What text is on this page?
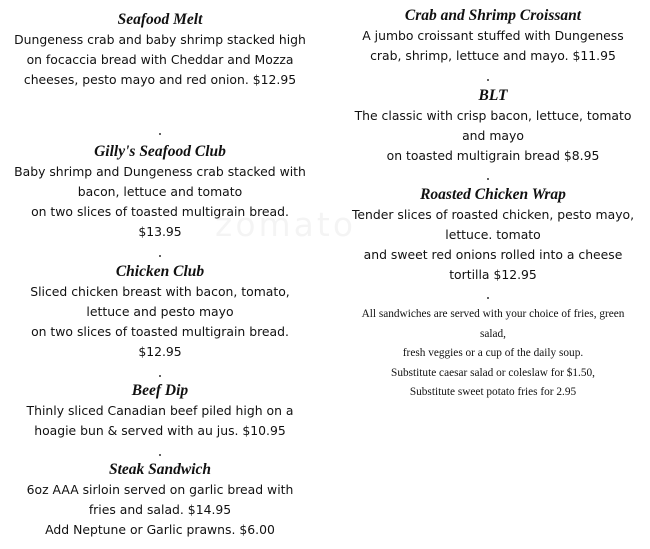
Seafood Melt
Dungeness crab and baby shrimp stacked high
on focaccia bread with Cheddar and Mozza
cheeses, pesto mayo and red onion. $12.95
Gilly's Seafood Club
Baby shrimp and Dungeness crab stacked with
bacon, lettuce and tomato
on two slices of toasted multigrain bread.
$13.95
Chicken Club
Sliced chicken breast with bacon, tomato,
lettuce and pesto mayo
on two slices of toasted multigrain bread.
$12.95
Beef Dip
Thinly sliced Canadian beef piled high on a
hoagie bun & served with au jus. $10.95
Steak Sandwich
6oz AAA sirloin served on garlic bread with
fries and salad. $14.95
Add Neptune or Garlic prawns. $6.00
Crab and Shrimp Croissant
A jumbo croissant stuffed with Dungeness
crab, shrimp, lettuce and mayo. $11.95
BLT
The classic with crisp bacon, lettuce, tomato
and mayo
on toasted multigrain bread $8.95
Roasted Chicken Wrap
Tender slices of roasted chicken, pesto mayo,
lettuce. tomato
and sweet red onions rolled into a cheese
tortilla $12.95
All sandwiches are served with your choice of fries, green
salad,
fresh veggies or a cup of the daily soup.
Substitute caesar salad or coleslaw for $1.50,
Substitute sweet potato fries for 2.95
